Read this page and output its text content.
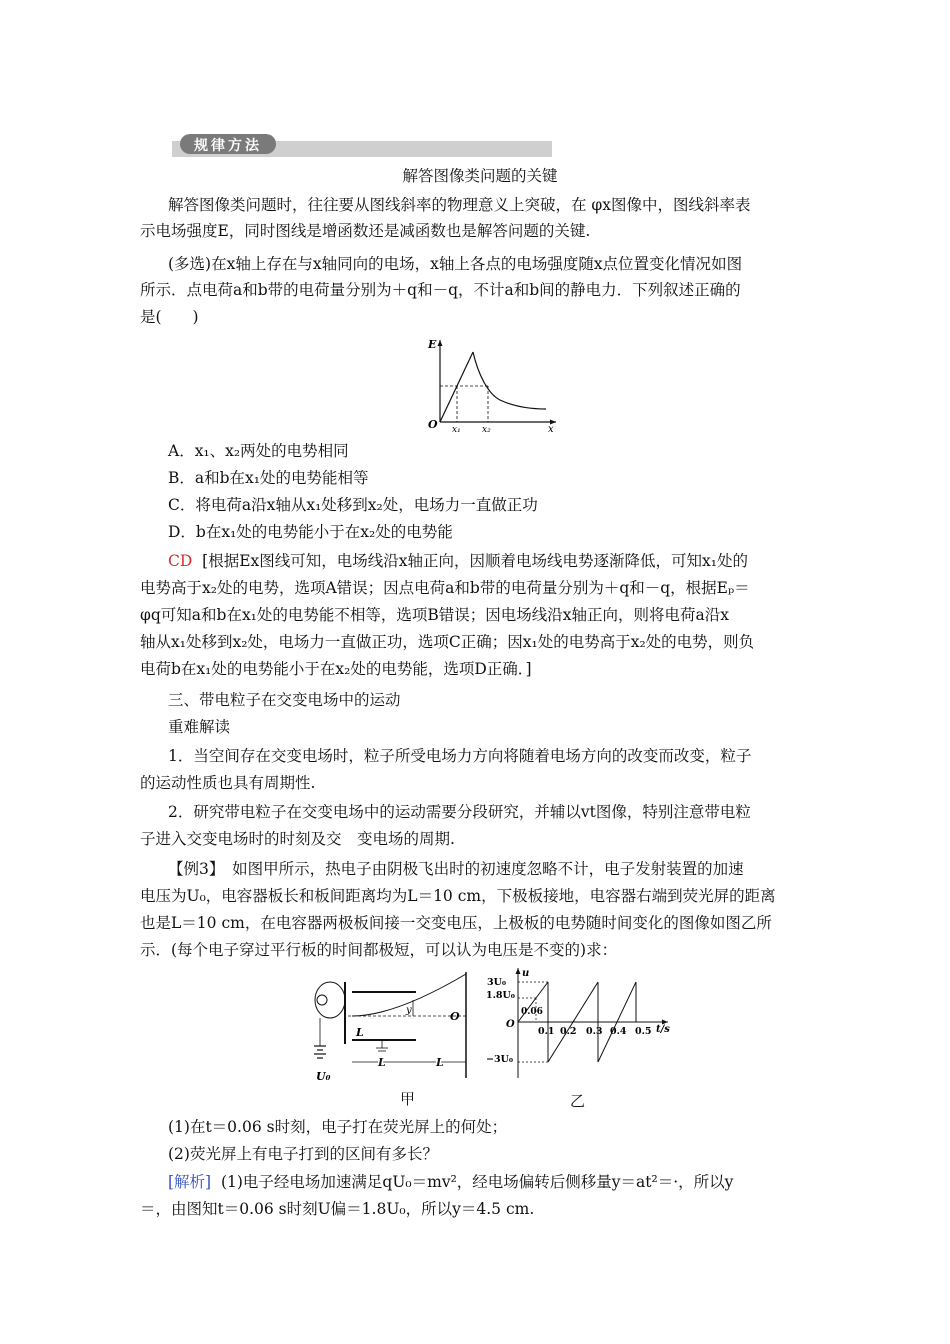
规律方法
解答图像类问题的关键
解答图像类问题时，往往要从图线斜率的物理意义上突破，在 φx图像中，图线斜率表
示电场强度E，同时图线是增函数还是减函数也是解答问题的关键.
(多选)在x轴上存在与x轴同向的电场，x轴上各点的电场强度随x点位置变化情况如图
所示．点电荷a和b带的电荷量分别为＋q和－q，不计a和b间的静电力．下列叙述正确的
是(　　)
E
O	x
x₁ x₂
A．x₁、x₂两处的电势相同
B．a和b在x₁处的电势能相等
C．将电荷a沿x轴从x₁处移到x₂处，电场力一直做正功
D．b在x₁处的电势能小于在x₂处的电势能
CD [根据Ex图线可知，电场线沿x轴正向，因顺着电场线电势逐渐降低，可知x₁处的
电势高于x₂处的电势，选项A错误；因点电荷a和b带的电荷量分别为＋q和－q，根据Eₚ＝
φq可知a和b在x₁处的电势能不相等，选项B错误；因电场线沿x轴正向，则将电荷a沿x
轴从x₁处移到x₂处，电场力一直做正功，选项C正确；因x₁处的电势高于x₂处的电势，则负
电荷b在x₁处的电势能小于在x₂处的电势能，选项D正确．]
三、带电粒子在交变电场中的运动
重难解读
1．当空间存在交变电场时，粒子所受电场力方向将随着电场方向的改变而改变，粒子
的运动性质也具有周期性.
2．研究带电粒子在交变电场中的运动需要分段研究，并辅以vt图像，特别注意带电粒
子进入交变电场时的时刻及交　变电场的周期.
【例3】　如图甲所示，热电子由阴极飞出时的初速度忽略不计，电子发射装置的加速
电压为U₀，电容器板长和板间距离均为L＝10 cm，下极板接地，电容器右端到荧光屏的距离
也是L＝10 cm，在电容器两极板间接一交变电压，上极板的电势随时间变化的图像如图乙所
示．(每个电子穿过平行板的时间都极短，可以认为电压是不变的)求：
y	O
L
L	L
U₀
u
t/s
O
3U₀
1.8U₀
−3U₀
0.06
0.1 0.2 0.3 0.4 0.5
甲	乙
(1)在t＝0.06 s时刻，电子打在荧光屏上的何处；
(2)荧光屏上有电子打到的区间有多长？
[解析] (1)电子经电场加速满足qU₀＝mv²，经电场偏转后侧移量y＝at²＝·，所以y
＝，由图知t＝0.06 s时刻U偏＝1.8U₀，所以y＝4.5 cm.
